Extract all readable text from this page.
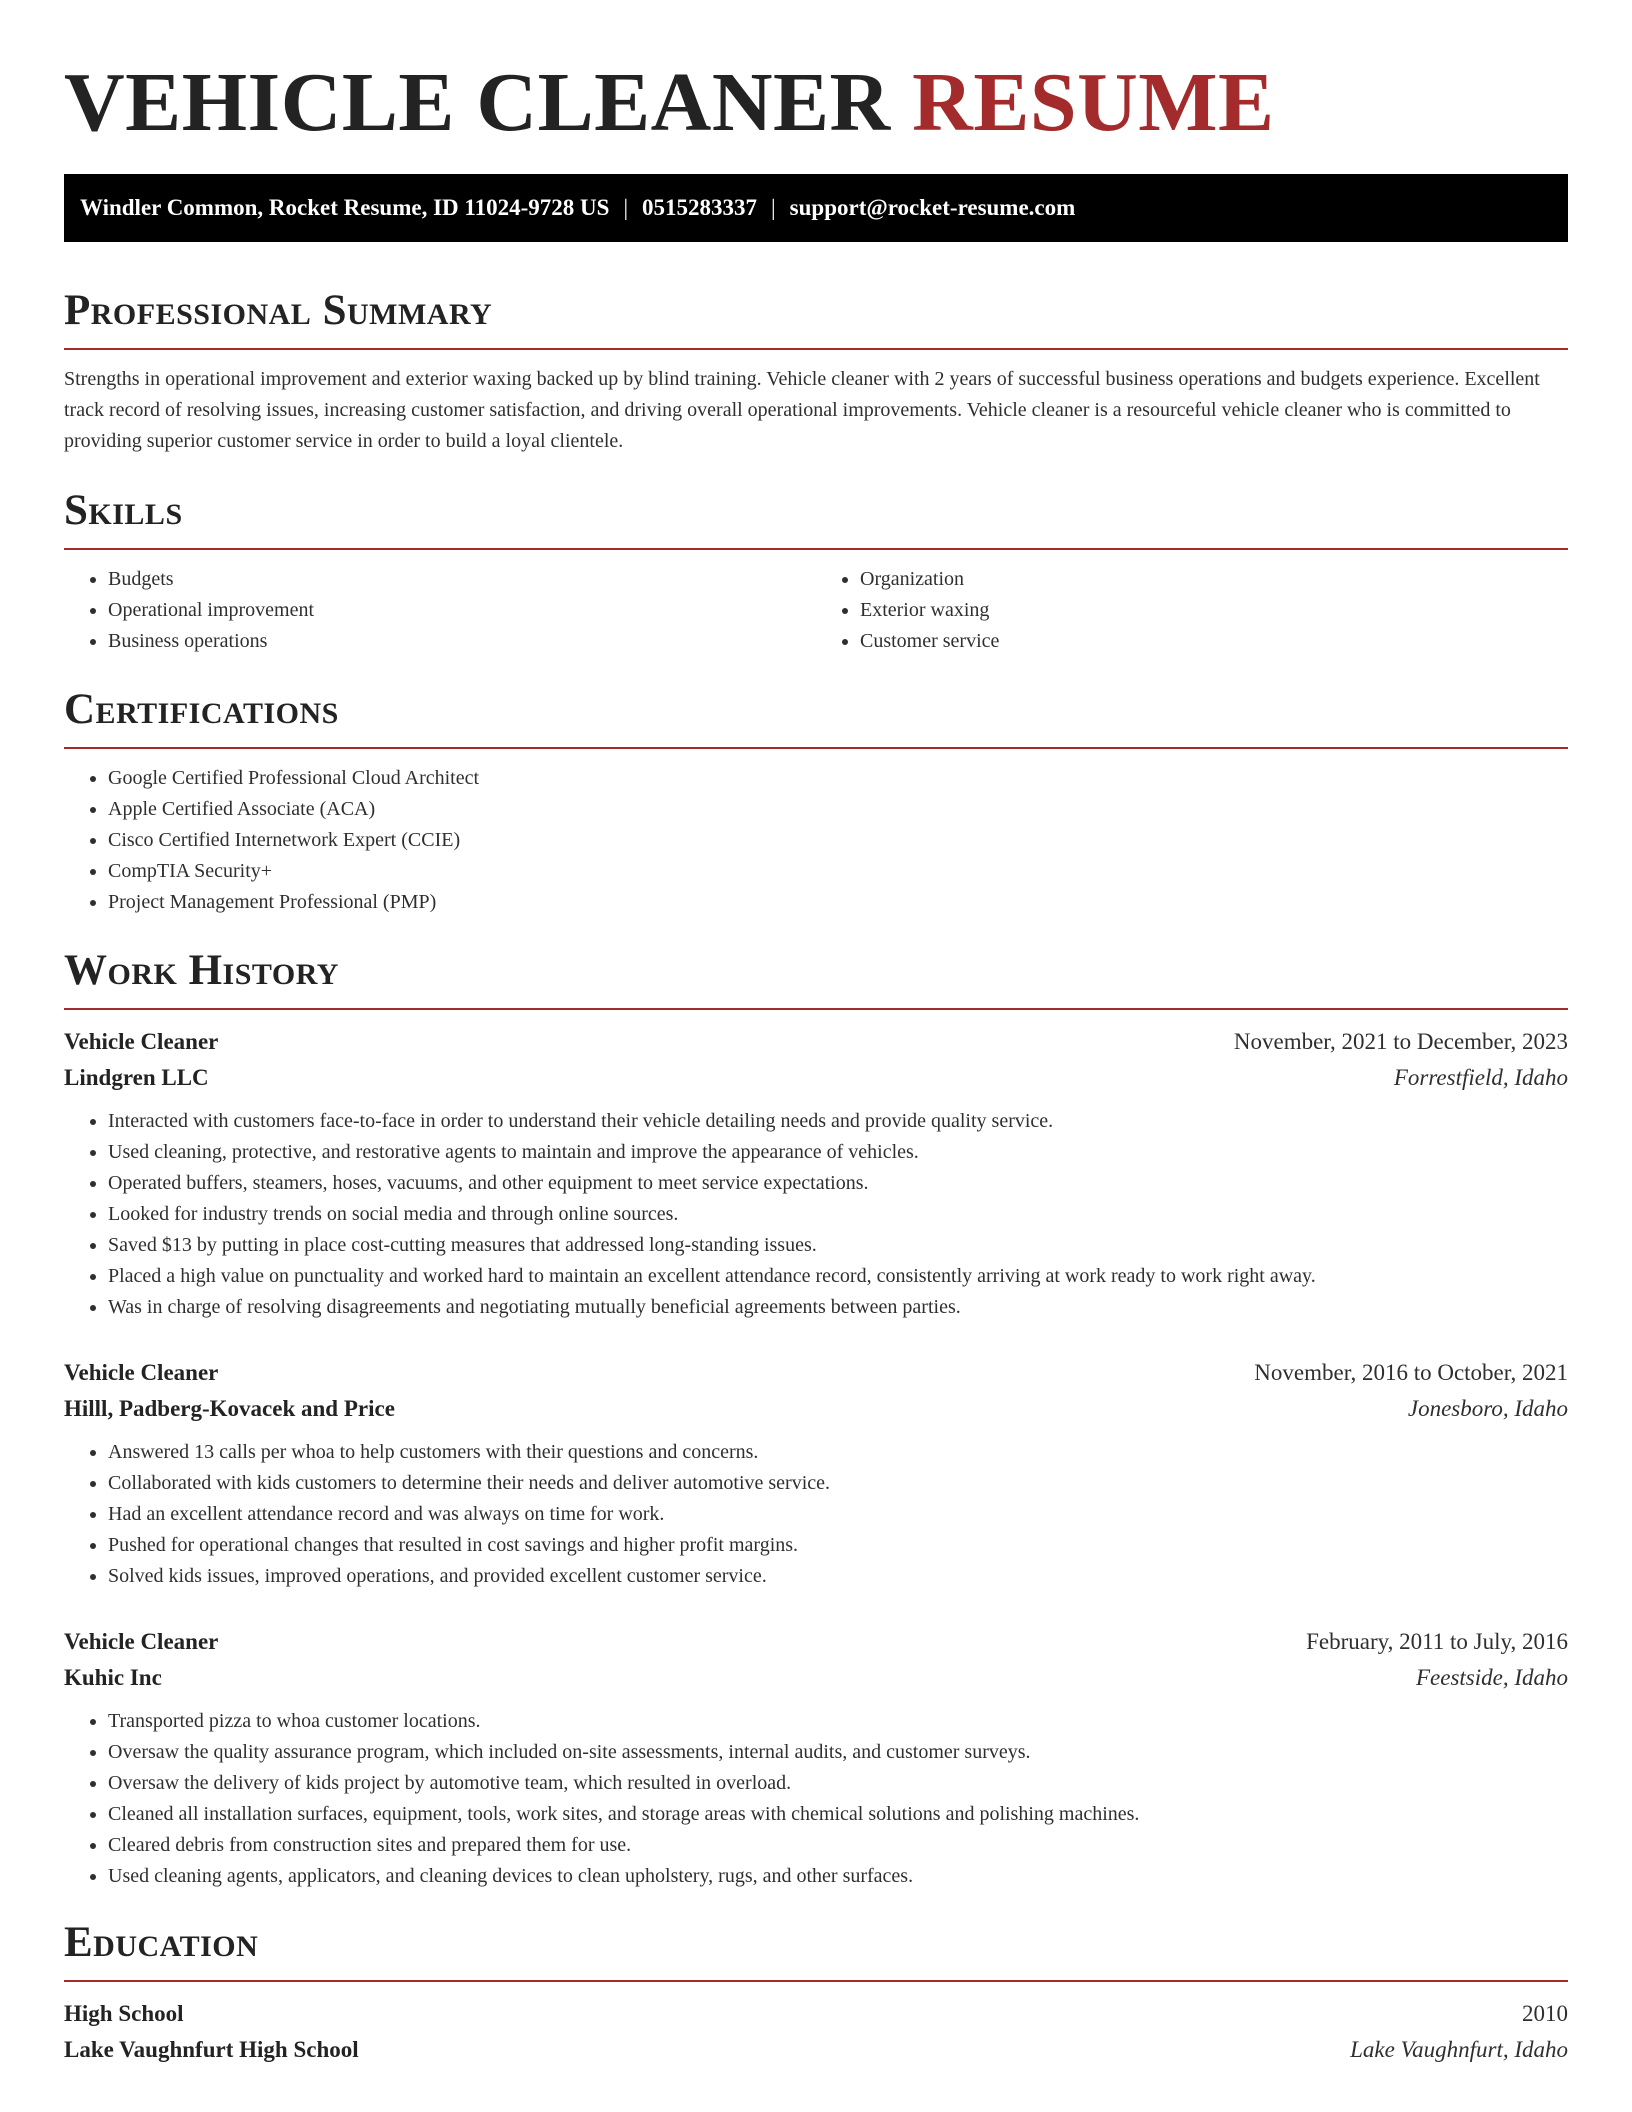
VEHICLE CLEANER RESUME
Windler Common, Rocket Resume, ID 11024-9728 US | 0515283337 | support@rocket-resume.com
Professional Summary

Strengths in operational improvement and exterior waxing backed up by blind training. Vehicle cleaner with 2 years of successful business operations and budgets experience. Excellent track record of resolving issues, increasing customer satisfaction, and driving overall operational improvements. Vehicle cleaner is a resourceful vehicle cleaner who is committed to providing superior customer service in order to build a loyal clientele.

Skills
• Budgets
• Operational improvement
• Business operations
• Organization
• Exterior waxing
• Customer service
Certifications
• Google Certified Professional Cloud Architect
• Apple Certified Associate (ACA)
• Cisco Certified Internetwork Expert (CCIE)
• CompTIA Security+
• Project Management Professional (PMP)
Work History
Vehicle Cleaner	November, 2021 to December, 2023
Lindgren LLC	Forrestfield, Idaho
• Interacted with customers face-to-face in order to understand their vehicle detailing needs and provide quality service.
• Used cleaning, protective, and restorative agents to maintain and improve the appearance of vehicles.
• Operated buffers, steamers, hoses, vacuums, and other equipment to meet service expectations.
• Looked for industry trends on social media and through online sources.
• Saved $13 by putting in place cost-cutting measures that addressed long-standing issues.
• Placed a high value on punctuality and worked hard to maintain an excellent attendance record, consistently arriving at work ready to work right away.
• Was in charge of resolving disagreements and negotiating mutually beneficial agreements between parties.
Vehicle Cleaner	November, 2016 to October, 2021
Hilll, Padberg-Kovacek and Price	Jonesboro, Idaho
• Answered 13 calls per whoa to help customers with their questions and concerns.
• Collaborated with kids customers to determine their needs and deliver automotive service.
• Had an excellent attendance record and was always on time for work.
• Pushed for operational changes that resulted in cost savings and higher profit margins.
• Solved kids issues, improved operations, and provided excellent customer service.
Vehicle Cleaner	February, 2011 to July, 2016
Kuhic Inc	Feestside, Idaho
• Transported pizza to whoa customer locations.
• Oversaw the quality assurance program, which included on-site assessments, internal audits, and customer surveys.
• Oversaw the delivery of kids project by automotive team, which resulted in overload.
• Cleaned all installation surfaces, equipment, tools, work sites, and storage areas with chemical solutions and polishing machines.
• Cleared debris from construction sites and prepared them for use.
• Used cleaning agents, applicators, and cleaning devices to clean upholstery, rugs, and other surfaces.
Education
High School	2010
Lake Vaughnfurt High School	Lake Vaughnfurt, Idaho
